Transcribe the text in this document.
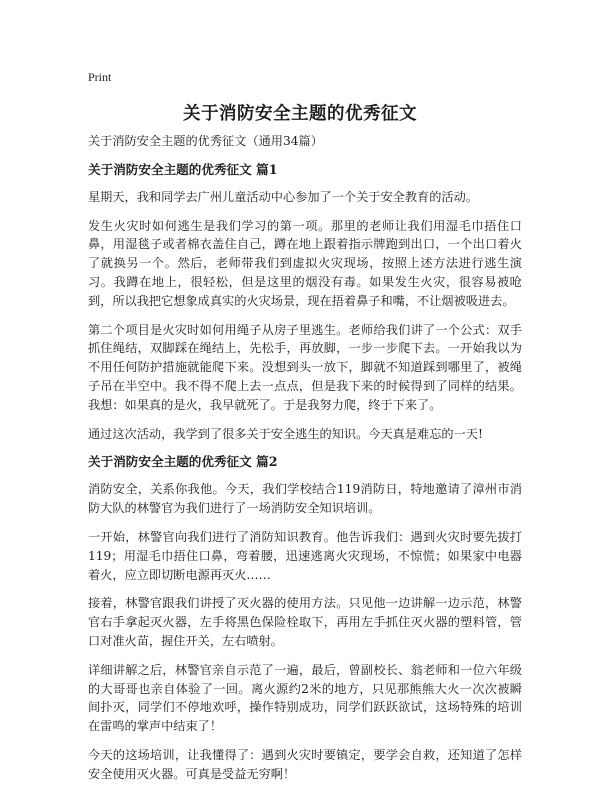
Print
关于消防安全主题的优秀征文

关于消防安全主题的优秀征文（通用34篇）

关于消防安全主题的优秀征文 篇1

星期天，我和同学去广州儿童活动中心参加了一个关于安全教育的活动。

发生火灾时如何逃生是我们学习的第一项。那里的老师让我们用湿毛巾捂住口鼻，用湿毯子或者棉衣盖住自己，蹲在地上跟着指示牌跑到出口，一个出口着火了就换另一个。然后，老师带我们到虚拟火灾现场，按照上述方法进行逃生演习。我蹲在地上，很轻松，但是这里的烟没有毒。如果发生火灾，很容易被呛到，所以我把它想象成真实的火灾场景，现在捂着鼻子和嘴，不让烟被吸进去。

第二个项目是火灾时如何用绳子从房子里逃生。老师给我们讲了一个公式：双手抓住绳结，双脚踩在绳结上，先松手，再放脚，一步一步爬下去。一开始我以为不用任何防护措施就能爬下来。没想到头一放下，脚就不知道踩到哪里了，被绳子吊在半空中。我不得不爬上去一点点，但是我下来的时候得到了同样的结果。我想：如果真的是火，我早就死了。于是我努力爬，终于下来了。

通过这次活动，我学到了很多关于安全逃生的知识。今天真是难忘的一天!

关于消防安全主题的优秀征文 篇2

消防安全，关系你我他。今天，我们学校结合119消防日，特地邀请了漳州市消防大队的林警官为我们进行了一场消防安全知识培训。

一开始，林警官向我们进行了消防知识教育。他告诉我们：遇到火灾时要先拔打119；用湿毛巾捂住口鼻，弯着腰，迅速逃离火灾现场，不惊慌；如果家中电器着火，应立即切断电源再灭火……

接着，林警官跟我们讲授了灭火器的使用方法。只见他一边讲解一边示范，林警官右手拿起灭火器，左手将黑色保险栓取下，再用左手抓住灭火器的塑料管，管口对准火苗，握住开关，左右喷射。

详细讲解之后，林警官亲自示范了一遍，最后，曾副校长、翁老师和一位六年级的大哥哥也亲自体验了一回。离火源约2米的地方，只见那熊熊大火一次次被瞬间扑灭，同学们不停地欢呼，操作特别成功，同学们跃跃欲试，这场特殊的培训在雷鸣的掌声中结束了！

今天的这场培训，让我懂得了：遇到火灾时要镇定，要学会自救，还知道了怎样安全使用灭火器。可真是受益无穷啊！
